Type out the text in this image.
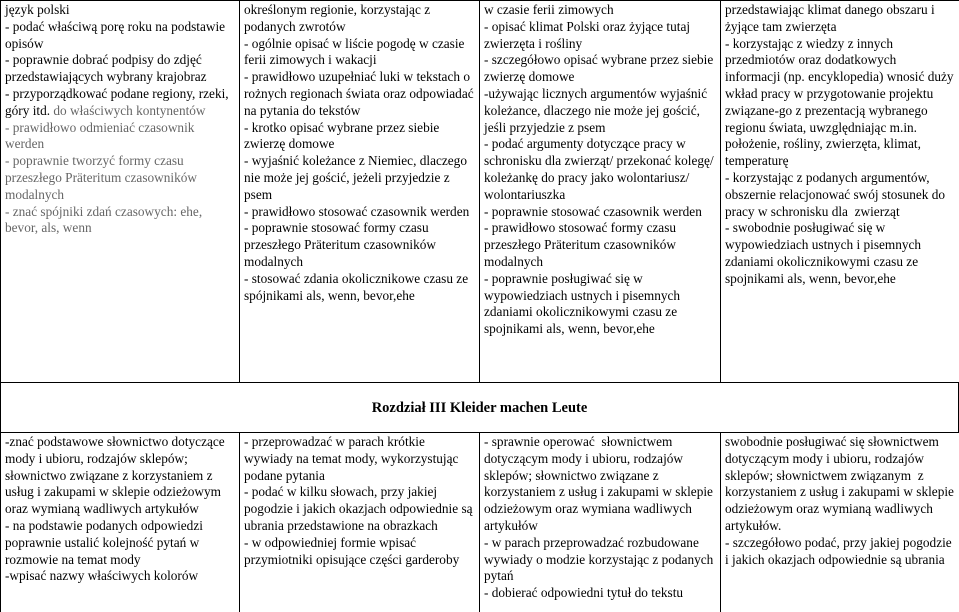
język polski
- podać właściwą porę roku na podstawie opisów
- poprawnie dobrać podpisy do zdjęć przedstawiających wybrany krajobraz
- przyporządkować podane regiony, rzeki, góry itd. do właściwych kontynentów
- prawidłowo odmieniać czasownik werden
- poprawnie tworzyć formy czasu przeszłego Präteritum czasowników modalnych
- znać spójniki zdań czasowych: ehe, bevor, als, wenn	określonym regionie, korzystając z podanych zwrotów
- ogólnie opisać w liście pogodę w czasie ferii zimowych i wakacji
- prawidłowo uzupełniać luki w tekstach o rożnych regionach świata oraz odpowiadać na pytania do tekstów
- krotko opisać wybrane przez siebie zwierzę domowe
- wyjaśnić koleżance z Niemiec, dlaczego nie może jej gościć, jeżeli przyjedzie z psem
- prawidłowo stosować czasownik werden
- poprawnie stosować formy czasu przeszłego Präteritum czasowników modalnych
- stosować zdania okolicznikowe czasu ze spójnikami als, wenn, bevor,ehe	w czasie ferii zimowych
- opisać klimat Polski oraz żyjące tutaj zwierzęta i rośliny
- szczegółowo opisać wybrane przez siebie zwierzę domowe
-używając licznych argumentów wyjaśnić koleżance, dlaczego nie może jej gościć, jeśli przyjedzie z psem
- podać argumenty dotyczące pracy w schronisku dla zwierząt/ przekonać kolegę/ koleżankę do pracy jako wolontariusz/ wolontariuszka
- poprawnie stosować czasownik werden
- prawidłowo stosować formy czasu przeszłego Präteritum czasowników modalnych
- poprawnie posługiwać się w wypowiedziach ustnych i pisemnych zdaniami okolicznikowymi czasu ze spojnikami als, wenn, bevor,ehe	przedstawiając klimat danego obszaru i żyjące tam zwierzęta
- korzystając z wiedzy z innych przedmiotów oraz dodatkowych informacji (np. encyklopedia) wnosić duży wkład pracy w przygotowanie projektu związane-go z prezentacją wybranego regionu świata, uwzględniając m.in. położenie, rośliny, zwierzęta, klimat, temperaturę
- korzystając z podanych argumentów, obszernie relacjonować swój stosunek do pracy w schronisku dla  zwierząt
- swobodnie posługiwać się w wypowiedziach ustnych i pisemnych zdaniami okolicznikowymi czasu ze spojnikami als, wenn, bevor,ehe
Rozdział III Kleider machen Leute
-znać podstawowe słownictwo dotyczące mody i ubioru, rodzajów sklepów; słownictwo związane z korzystaniem z usług i zakupami w sklepie odzieżowym oraz wymianą wadliwych artykułów
- na podstawie podanych odpowiedzi poprawnie ustalić kolejność pytań w rozmowie na temat mody
-wpisać nazwy właściwych kolorów	- przeprowadzać w parach krótkie wywiady na temat mody, wykorzystując podane pytania
- podać w kilku słowach, przy jakiej pogodzie i jakich okazjach odpowiednie są ubrania przedstawione na obrazkach
- w odpowiedniej formie wpisać przymiotniki opisujące części garderoby	- sprawnie operować  słownictwem dotyczącym mody i ubioru, rodzajów sklepów; słownictwo związane z korzystaniem z usług i zakupami w sklepie odzieżowym oraz wymiana wadliwych artykułów
- w parach przeprowadzać rozbudowane wywiady o modzie korzystając z podanych pytań
- dobierać odpowiedni tytuł do tekstu	swobodnie posługiwać się słownictwem dotyczącym mody i ubioru, rodzajów sklepów; słownictwem związanym  z korzystaniem z usług i zakupami w sklepie odzieżowym oraz wymianą wadliwych artykułów.
- szczegółowo podać, przy jakiej pogodzie i jakich okazjach odpowiednie są ubrania
